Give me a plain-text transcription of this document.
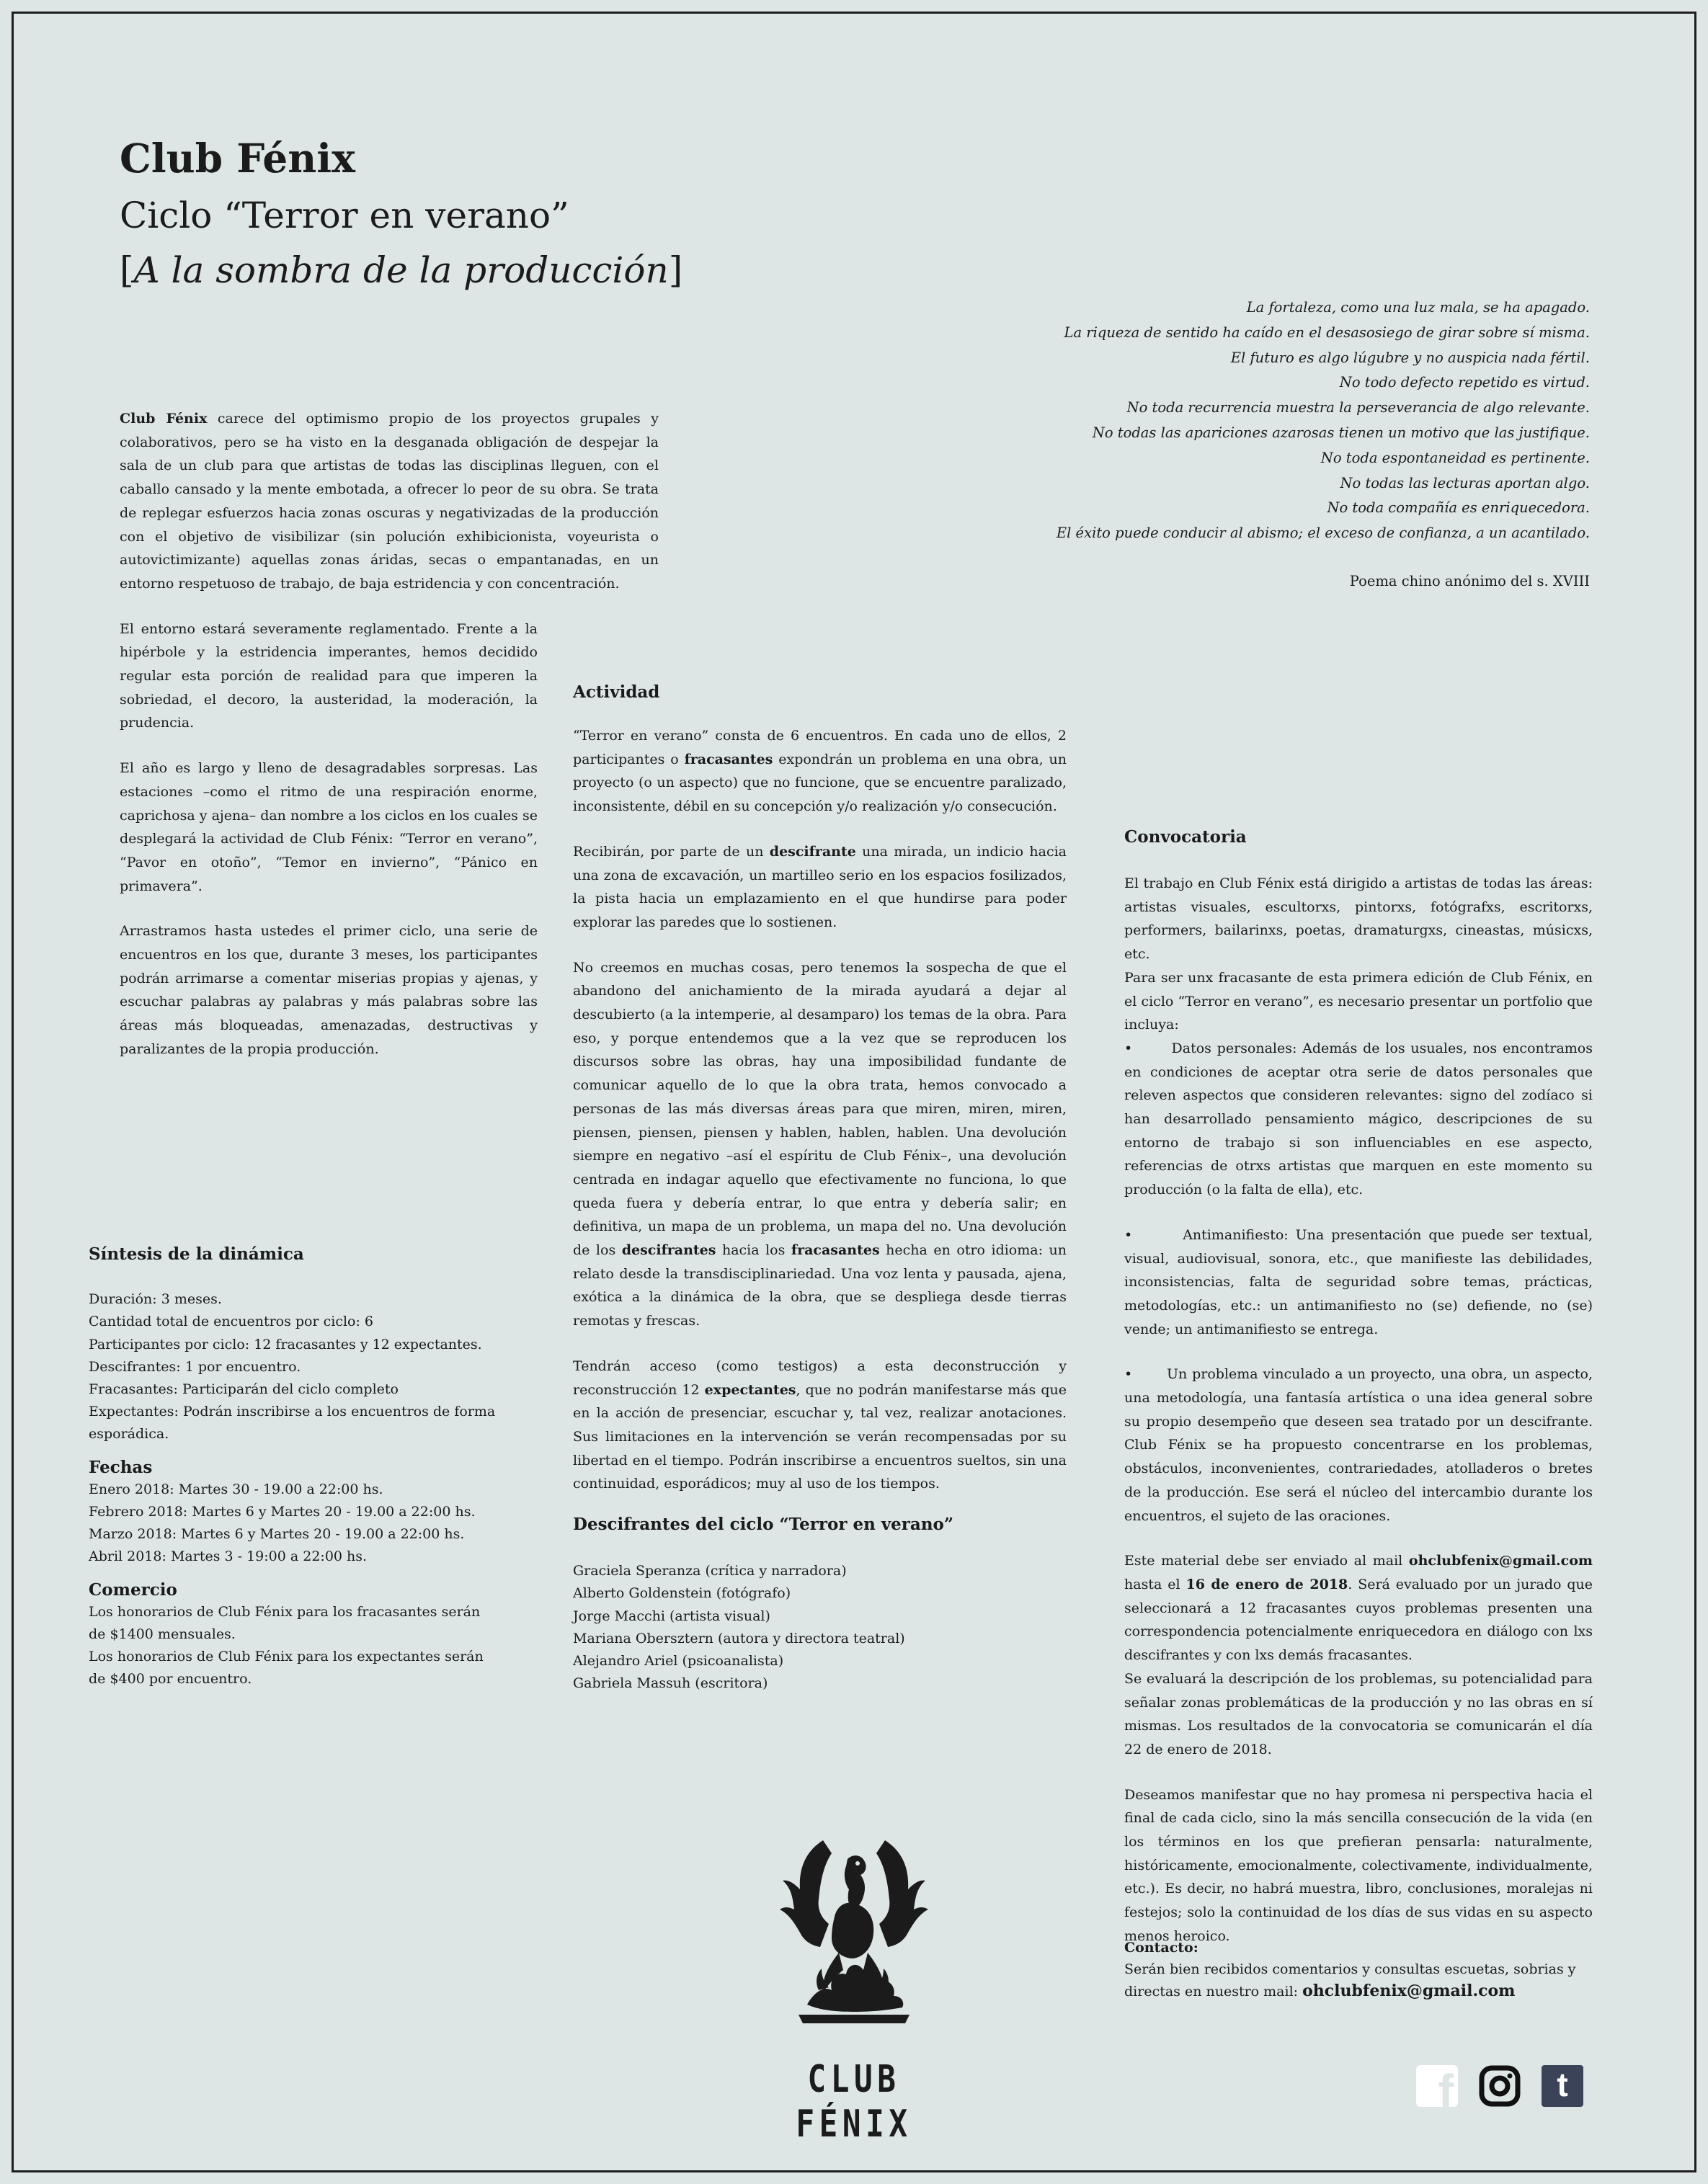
Club Fénix
Ciclo “Terror en verano”
[A la sombra de la producción]
La fortaleza, como una luz mala, se ha apagado.
La riqueza de sentido ha caído en el desasosiego de girar sobre sí misma.
El futuro es algo lúgubre y no auspicia nada fértil.
No todo defecto repetido es virtud.
No toda recurrencia muestra la perseverancia de algo relevante.
No todas las apariciones azarosas tienen un motivo que las justifique.
No toda espontaneidad es pertinente.
No todas las lecturas aportan algo.
No toda compañía es enriquecedora.
El éxito puede conducir al abismo; el exceso de confianza, a un acantilado.
Poema chino anónimo del s. XVIII

Club Fénix carece del optimismo propio de los proyectos grupales y colaborativos, pero se ha visto en la desganada obligación de despejar la sala de un club para que artistas de todas las disciplinas lleguen, con el caballo cansado y la mente embotada, a ofrecer lo peor de su obra. Se trata de replegar esfuerzos hacia zonas oscuras y negativizadas de la producción con el objetivo de visibilizar (sin polución exhibicionista, voyeurista o autovictimizante) aquellas zonas áridas, secas o empantanadas, en un entorno respetuoso de trabajo, de baja estridencia y con concentración.

El entorno estará severamente reglamentado. Frente a la hipérbole y la estridencia imperantes, hemos decidido regular esta porción de realidad para que imperen la sobriedad, el decoro, la austeridad, la moderación, la prudencia.

El año es largo y lleno de desagradables sorpresas. Las estaciones –como el ritmo de una respiración enorme, caprichosa y ajena– dan nombre a los ciclos en los cuales se desplegará la actividad de Club Fénix: “Terror en verano”, “Pavor en otoño”, “Temor en invierno”, “Pánico en primavera”.

Arrastramos hasta ustedes el primer ciclo, una serie de encuentros en los que, durante 3 meses, los participantes podrán arrimarse a comentar miserias propias y ajenas, y escuchar palabras ay palabras y más palabras sobre las áreas más bloqueadas, amenazadas, destructivas y paralizantes de la propia producción.

Síntesis de la dinámica
Duración: 3 meses.
Cantidad total de encuentros por ciclo: 6
Participantes por ciclo: 12 fracasantes y 12 expectantes.
Descifrantes: 1 por encuentro.
Fracasantes: Participarán del ciclo completo
Expectantes: Podrán inscribirse a los encuentros de forma
esporádica.
Fechas
Enero 2018: Martes 30 - 19.00 a 22:00 hs.
Febrero 2018: Martes 6 y Martes 20 - 19.00 a 22:00 hs.
Marzo 2018: Martes 6 y Martes 20 - 19.00 a 22:00 hs.
Abril 2018: Martes 3 - 19:00 a 22:00 hs.
Comercio
Los honorarios de Club Fénix para los fracasantes serán
de $1400 mensuales.
Los honorarios de Club Fénix para los expectantes serán
de $400 por encuentro.
Actividad

“Terror en verano” consta de 6 encuentros. En cada uno de ellos, 2 participantes o fracasantes expondrán un problema en una obra, un proyecto (o un aspecto) que no funcione, que se encuentre paralizado, inconsistente, débil en su concepción y/o realización y/o consecución.

Recibirán, por parte de un descifrante una mirada, un indicio hacia una zona de excavación, un martilleo serio en los espacios fosilizados, la pista hacia un emplazamiento en el que hundirse para poder explorar las paredes que lo sostienen.

No creemos en muchas cosas, pero tenemos la sospecha de que el abandono del anichamiento de la mirada ayudará a dejar al descubierto (a la intemperie, al desamparo) los temas de la obra. Para eso, y porque entendemos que a la vez que se reproducen los discursos sobre las obras, hay una imposibilidad fundante de comunicar aquello de lo que la obra trata, hemos convocado a personas de las más diversas áreas para que miren, miren, miren, piensen, piensen, piensen y hablen, hablen, hablen. Una devolución siempre en negativo –así el espíritu de Club Fénix–, una devolución centrada en indagar aquello que efectivamente no funciona, lo que queda fuera y debería entrar, lo que entra y debería salir; en definitiva, un mapa de un problema, un mapa del no. Una devolución de los descifrantes hacia los fracasantes hecha en otro idioma: un relato desde la transdisciplinariedad. Una voz lenta y pausada, ajena, exótica a la dinámica de la obra, que se despliega desde tierras remotas y frescas.

Tendrán acceso (como testigos) a esta deconstrucción y reconstrucción 12 expectantes, que no podrán manifestarse más que en la acción de presenciar, escuchar y, tal vez, realizar anotaciones. Sus limitaciones en la intervención se verán recompensadas por su libertad en el tiempo. Podrán inscribirse a encuentros sueltos, sin una continuidad, esporádicos; muy al uso de los tiempos.

Descifrantes del ciclo “Terror en verano”
Graciela Speranza (crítica y narradora)
Alberto Goldenstein (fotógrafo)
Jorge Macchi (artista visual)
Mariana Obersztern (autora y directora teatral)
Alejandro Ariel (psicoanalista)
Gabriela Massuh (escritora)
Convocatoria

El trabajo en Club Fénix está dirigido a artistas de todas las áreas: artistas visuales, escultorxs, pintorxs, fotógrafxs, escritorxs, performers, bailarinxs, poetas, dramaturgxs, cineastas, músicxs, etc.

Para ser unx fracasante de esta primera edición de Club Fénix, en el ciclo “Terror en verano”, es necesario presentar un portfolio que incluya:

•       Datos personales: Además de los usuales, nos encontramos en condiciones de aceptar otra serie de datos personales que releven aspectos que consideren relevantes: signo del zodíaco si han desarrollado pensamiento mágico, descripciones de su entorno de trabajo si son influenciables en ese aspecto, referencias de otrxs artistas que marquen en este momento su producción (o la falta de ella), etc.

•       Antimanifiesto: Una presentación que puede ser textual, visual, audiovisual, sonora, etc., que manifieste las debilidades, inconsistencias, falta de seguridad sobre temas, prácticas, metodologías, etc.: un antimanifiesto no (se) defiende, no (se) vende; un antimanifiesto se entrega.

•       Un problema vinculado a un proyecto, una obra, un aspecto, una metodología, una fantasía artística o una idea general sobre su propio desempeño que deseen sea tratado por un descifrante. Club Fénix se ha propuesto concentrarse en los problemas, obstáculos, inconvenientes, contrariedades, atolladeros o bretes de la producción. Ese será el núcleo del intercambio durante los encuentros, el sujeto de las oraciones.

Este material debe ser enviado al mail ohclubfenix@gmail.com hasta el 16 de enero de 2018. Será evaluado por un jurado que seleccionará a 12 fracasantes cuyos problemas presenten una correspondencia potencialmente enriquecedora en diálogo con lxs descifrantes y con lxs demás fracasantes.

Se evaluará la descripción de los problemas, su potencialidad para señalar zonas problemáticas de la producción y no las obras en sí mismas. Los resultados de la convocatoria se comunicarán el día 22 de enero de 2018.

Deseamos manifestar que no hay promesa ni perspectiva hacia el final de cada ciclo, sino la más sencilla consecución de la vida (en los términos en los que prefieran pensarla: naturalmente, históricamente, emocionalmente, colectivamente, individualmente, etc.). Es decir, no habrá muestra, libro, conclusiones, moralejas ni festejos; solo la continuidad de los días de sus vidas en su aspecto menos heroico.

Contacto:
Serán bien recibidos comentarios y consultas escuetas, sobrias y directas en nuestro mail: ohclubfenix@gmail.com
CLUB
FÉNIX
f	t
